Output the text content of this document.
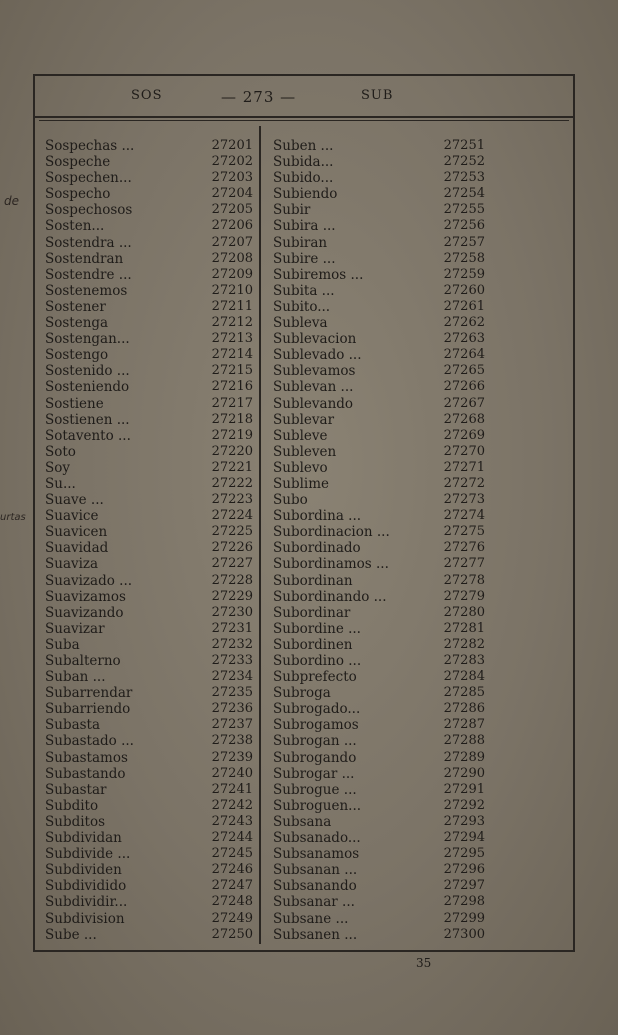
SOS	— 273 —	SUB
Sospechas ...	27201
Sospeche	27202
Sospechen...	27203
Sospecho	27204
Sospechosos	27205
Sosten...	27206
Sostendra ...	27207
Sostendran	27208
Sostendre ...	27209
Sostenemos	27210
Sostener	27211
Sostenga	27212
Sostengan...	27213
Sostengo	27214
Sostenido ...	27215
Sosteniendo	27216
Sostiene	27217
Sostienen ...	27218
Sotavento ...	27219
Soto	27220
Soy	27221
Su...	27222
Suave ...	27223
Suavice	27224
Suavicen	27225
Suavidad	27226
Suaviza	27227
Suavizado ...	27228
Suavizamos	27229
Suavizando	27230
Suavizar	27231
Suba	27232
Subalterno	27233
Suban ...	27234
Subarrendar	27235
Subarriendo	27236
Subasta	27237
Subastado ...	27238
Subastamos	27239
Subastando	27240
Subastar	27241
Subdito	27242
Subditos	27243
Subdividan	27244
Subdivide ...	27245
Subdividen	27246
Subdividido	27247
Subdividir...	27248
Subdivision	27249
Sube ...	27250
Suben ...	27251
Subida...	27252
Subido...	27253
Subiendo	27254
Subir	27255
Subira ...	27256
Subiran	27257
Subire ...	27258
Subiremos ...	27259
Subita ...	27260
Subito...	27261
Subleva	27262
Sublevacion	27263
Sublevado ...	27264
Sublevamos	27265
Sublevan ...	27266
Sublevando	27267
Sublevar	27268
Subleve	27269
Subleven	27270
Sublevo	27271
Sublime	27272
Subo	27273
Subordina ...	27274
Subordinacion ...	27275
Subordinado	27276
Subordinamos ...	27277
Subordinan	27278
Subordinando ...	27279
Subordinar	27280
Subordine ...	27281
Subordinen	27282
Subordino ...	27283
Subprefecto	27284
Subroga	27285
Subrogado...	27286
Subrogamos	27287
Subrogan ...	27288
Subrogando	27289
Subrogar ...	27290
Subrogue ...	27291
Subroguen...	27292
Subsana	27293
Subsanado...	27294
Subsanamos	27295
Subsanan ...	27296
Subsanando	27297
Subsanar ...	27298
Subsane ...	27299
Subsanen ...	27300
de
urtas
35
